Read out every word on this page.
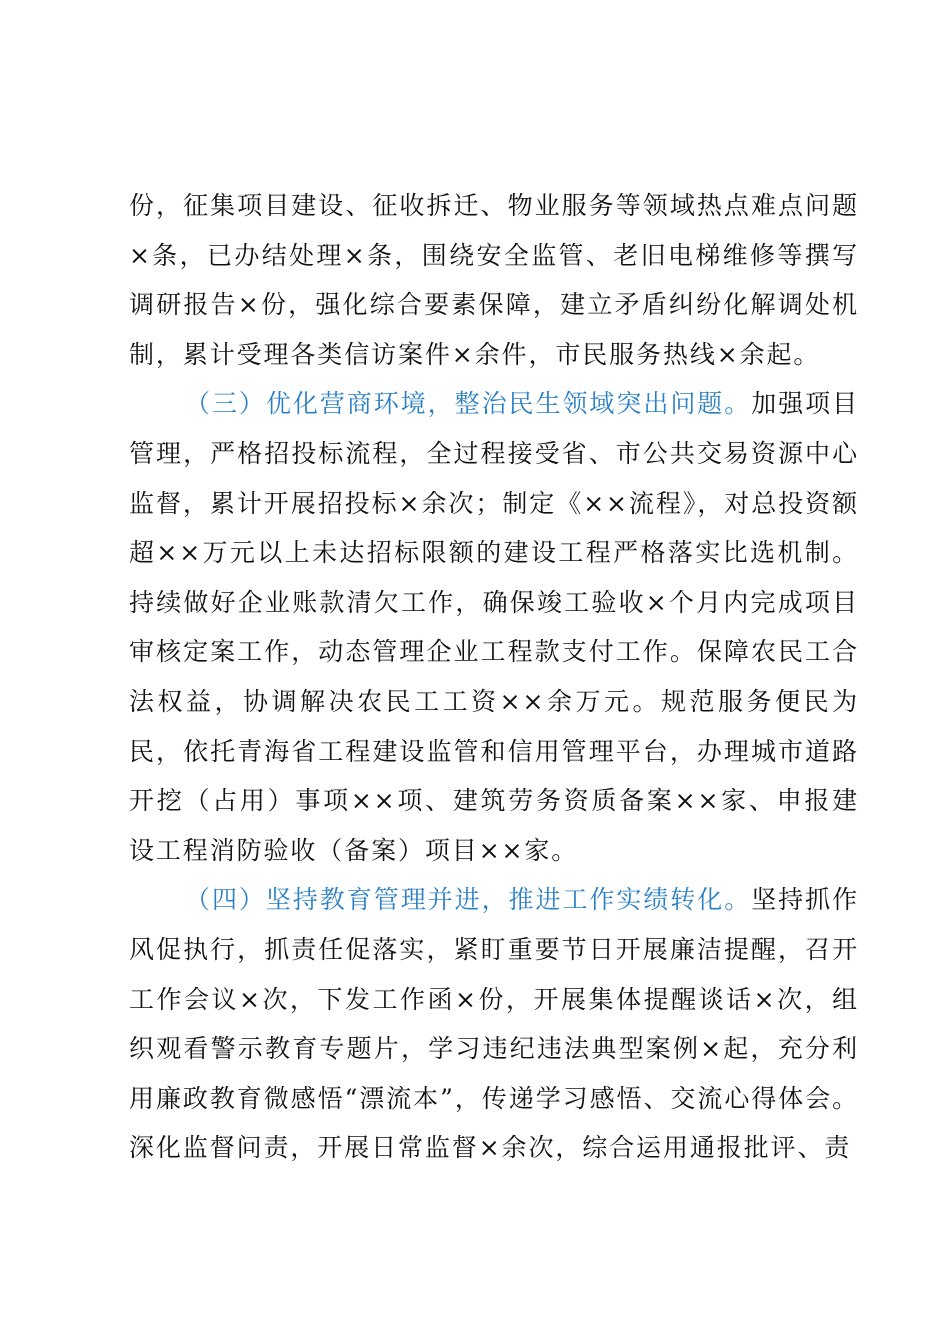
份，征集项目建设、征收拆迁、物业服务等领域热点难点问题×条，已办结处理×条，围绕安全监管、老旧电梯维修等撰写调研报告×份，强化综合要素保障，建立矛盾纠纷化解调处机制，累计受理各类信访案件×余件，市民服务热线×余起。

（三）优化营商环境，整治民生领域突出问题。加强项目管理，严格招投标流程，全过程接受省、市公共交易资源中心监督，累计开展招投标×余次；制定《××流程》，对总投资额超××万元以上未达招标限额的建设工程严格落实比选机制。持续做好企业账款清欠工作，确保竣工验收×个月内完成项目审核定案工作，动态管理企业工程款支付工作。保障农民工合法权益，协调解决农民工工资××余万元。规范服务便民为民，依托青海省工程建设监管和信用管理平台，办理城市道路开挖（占用）事项××项、建筑劳务资质备案××家、申报建设工程消防验收（备案）项目××家。

（四）坚持教育管理并进，推进工作实绩转化。坚持抓作风促执行，抓责任促落实，紧盯重要节日开展廉洁提醒，召开工作会议×次，下发工作函×份，开展集体提醒谈话×次，组织观看警示教育专题片，学习违纪违法典型案例×起，充分利用廉政教育微感悟“漂流本”，传递学习感悟、交流心得体会。深化监督问责，开展日常监督×余次，综合运用通报批评、责
